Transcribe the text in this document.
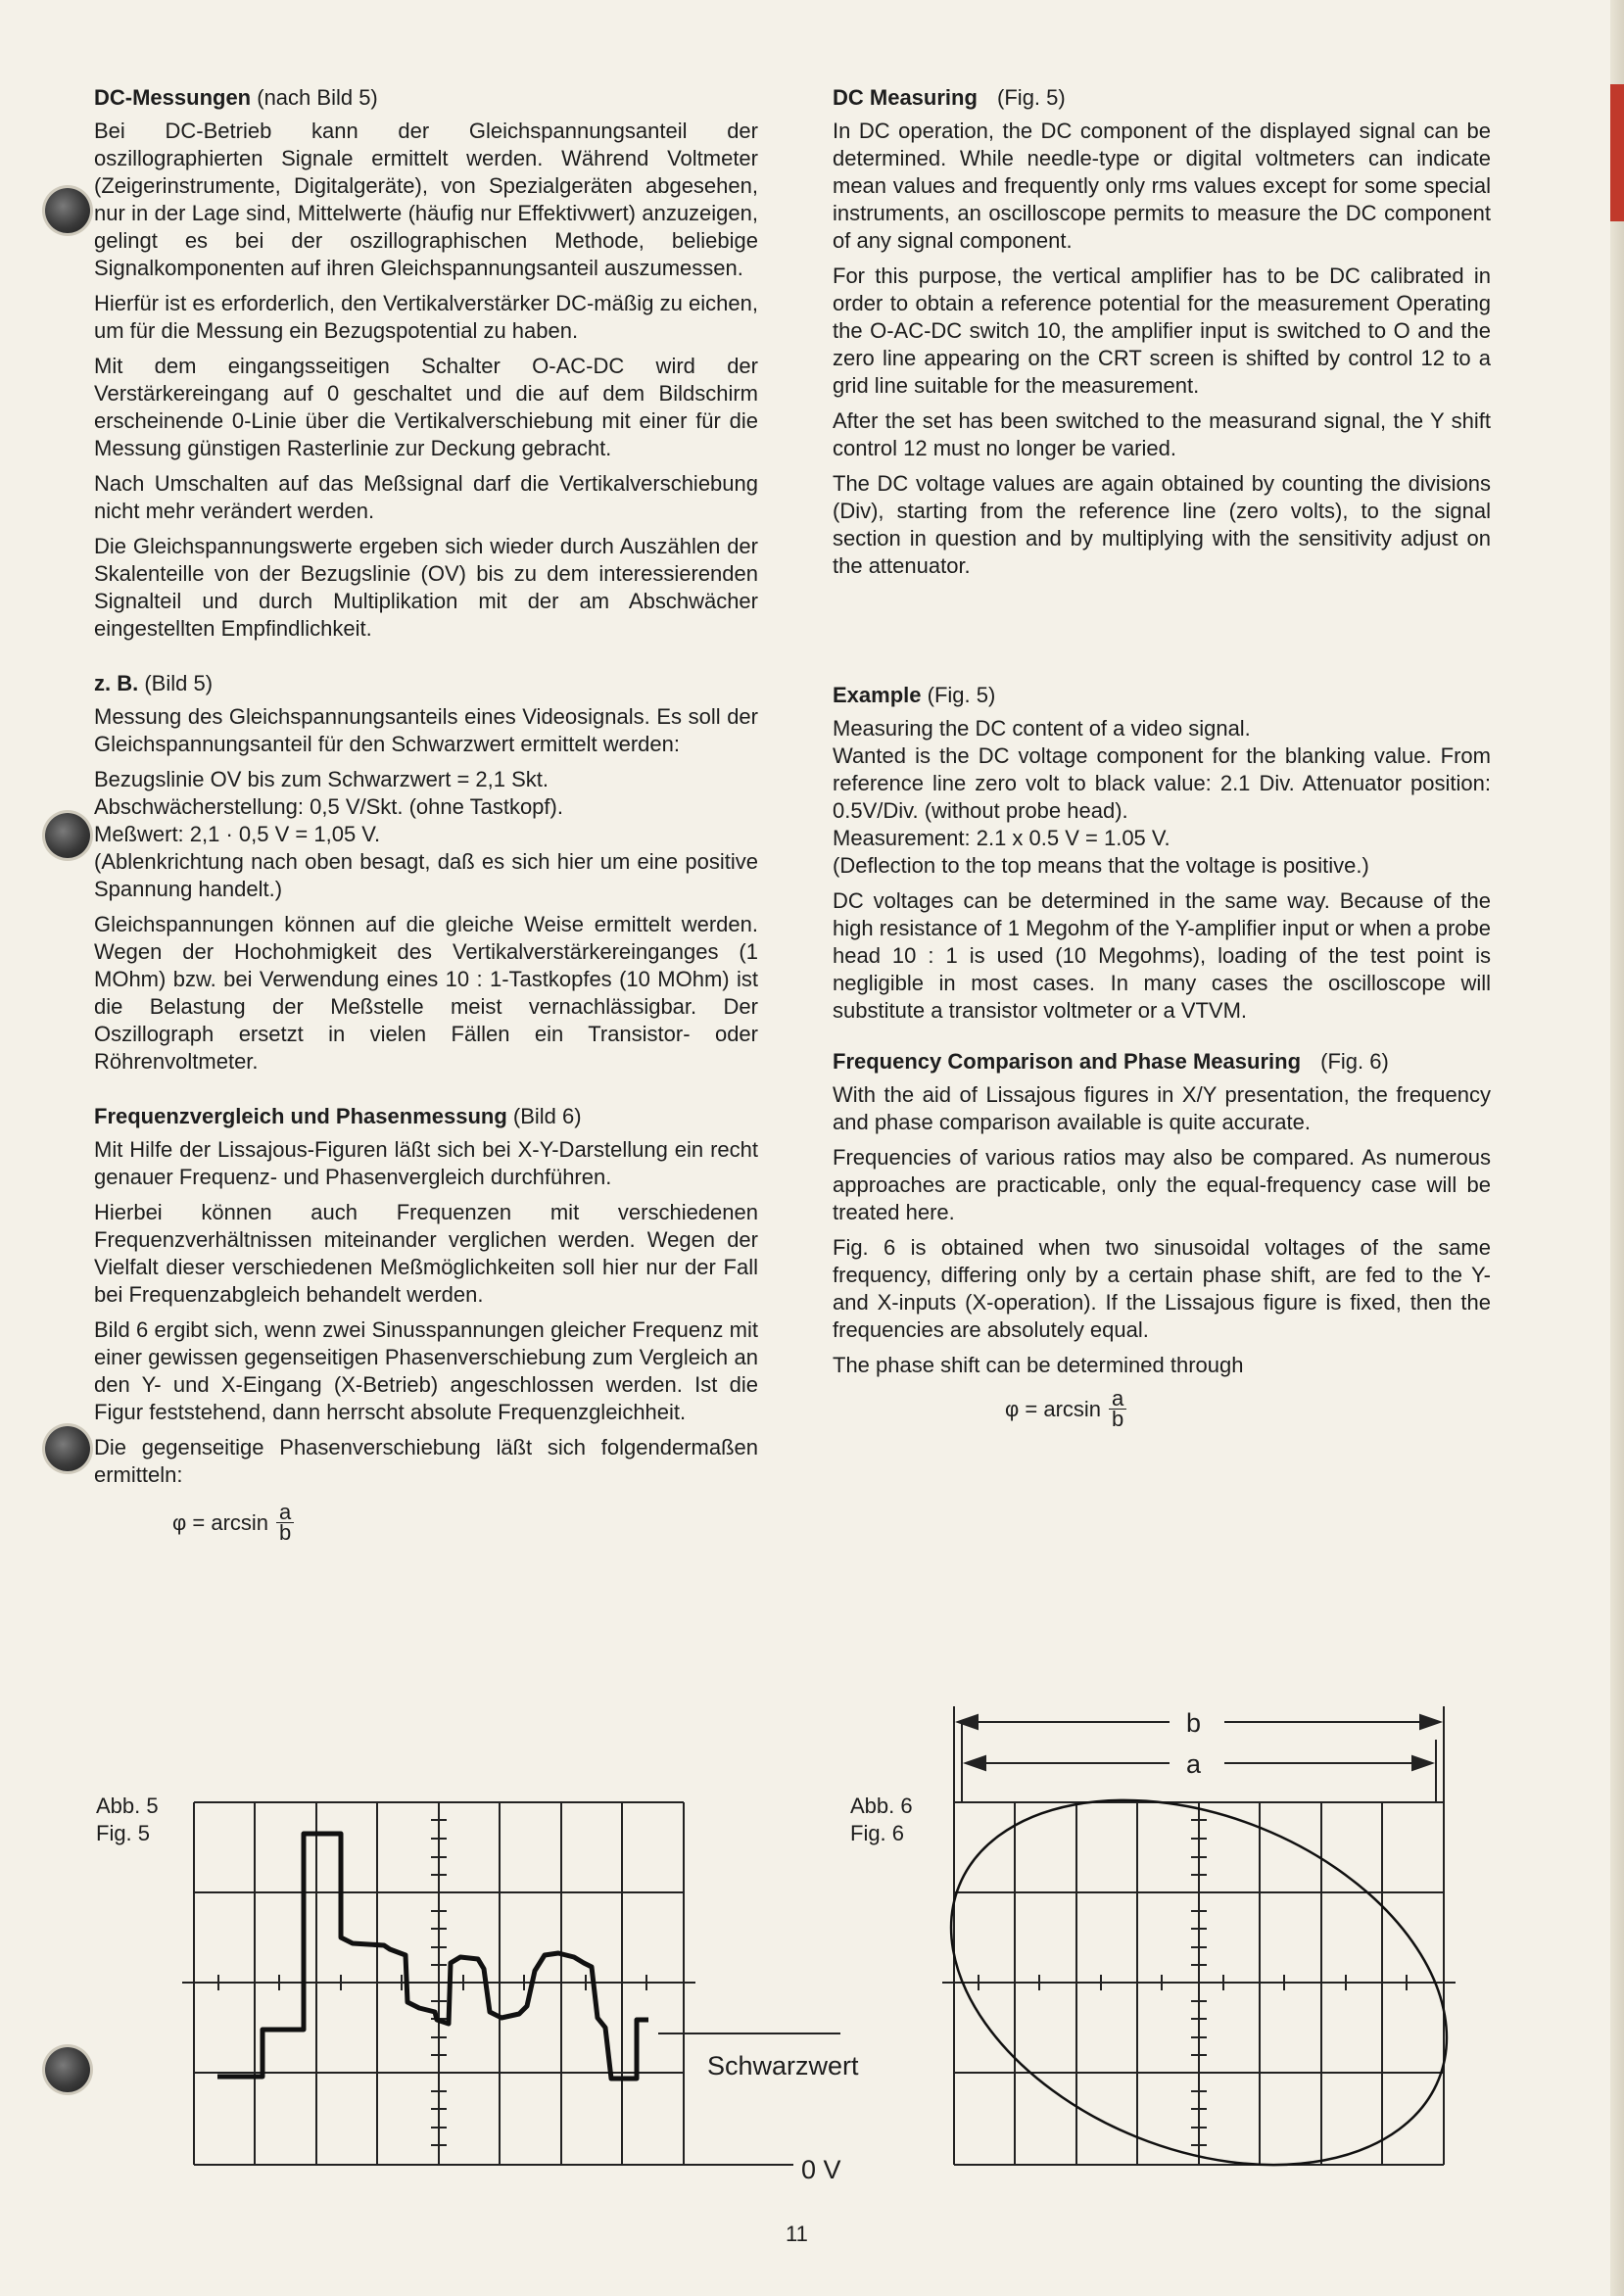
DC-Messungen (nach Bild 5)

Bei DC-Betrieb kann der Gleichspannungsanteil der oszillographierten Signale ermittelt werden. Während Voltmeter (Zeigerinstrumente, Digitalgeräte), von Spezialgeräten abgesehen, nur in der Lage sind, Mittelwerte (häufig nur Effektivwert) anzuzeigen, gelingt es bei der oszillographischen Methode, beliebige Signalkomponenten auf ihren Gleichspannungsanteil auszumessen.

Hierfür ist es erforderlich, den Vertikalverstärker DC-mäßig zu eichen, um für die Messung ein Bezugspotential zu haben.

Mit dem eingangsseitigen Schalter O-AC-DC wird der Verstärkereingang auf 0 geschaltet und die auf dem Bildschirm erscheinende 0-Linie über die Vertikalverschiebung mit einer für die Messung günstigen Rasterlinie zur Deckung gebracht.

Nach Umschalten auf das Meßsignal darf die Vertikalverschiebung nicht mehr verändert werden.

Die Gleichspannungswerte ergeben sich wieder durch Auszählen der Skalenteille von der Bezugslinie (OV) bis zu dem interessierenden Signalteil und durch Multiplikation mit der am Abschwächer eingestellten Empfindlichkeit.

z. B. (Bild 5)

Messung des Gleichspannungsanteils eines Videosignals. Es soll der Gleichspannungsanteil für den Schwarzwert ermittelt werden:

Bezugslinie OV bis zum Schwarzwert = 2,1 Skt.

Abschwächerstellung: 0,5 V/Skt. (ohne Tastkopf).

Meßwert: 2,1 · 0,5 V = 1,05 V.

(Ablenkrichtung nach oben besagt, daß es sich hier um eine positive Spannung handelt.)

Gleichspannungen können auf die gleiche Weise ermittelt werden. Wegen der Hochohmigkeit des Vertikalverstärkereinganges (1 MOhm) bzw. bei Verwendung eines 10 : 1-Tastkopfes (10 MOhm) ist die Belastung der Meßstelle meist vernachlässigbar. Der Oszillograph ersetzt in vielen Fällen ein Transistor- oder Röhrenvoltmeter.

Frequenzvergleich und Phasenmessung (Bild 6)

Mit Hilfe der Lissajous-Figuren läßt sich bei X-Y-Darstellung ein recht genauer Frequenz- und Phasenvergleich durchführen.

Hierbei können auch Frequenzen mit verschiedenen Frequenzverhältnissen miteinander verglichen werden. Wegen der Vielfalt dieser verschiedenen Meßmöglichkeiten soll hier nur der Fall bei Frequenzabgleich behandelt werden.

Bild 6 ergibt sich, wenn zwei Sinusspannungen gleicher Frequenz mit einer gewissen gegenseitigen Phasenverschiebung zum Vergleich an den Y- und X-Eingang (X-Betrieb) angeschlossen werden. Ist die Figur feststehend, dann herrscht absolute Frequenzgleichheit.

Die gegenseitige Phasenverschiebung läßt sich folgendermaßen ermitteln:

$\varphi = \arcsin \frac{a}{b}$

DC Measuring (Fig. 5)

In DC operation, the DC component of the displayed signal can be determined. While needle-type or digital voltmeters can indicate mean values and frequently only rms values except for some special instruments, an oscilloscope permits to measure the DC component of any signal component.

For this purpose, the vertical amplifier has to be DC calibrated in order to obtain a reference potential for the measurement Operating the O-AC-DC switch 10, the amplifier input is switched to O and the zero line appearing on the CRT screen is shifted by control 12 to a grid line suitable for the measurement.

After the set has been switched to the measurand signal, the Y shift control 12 must no longer be varied.

The DC voltage values are again obtained by counting the divisions (Div), starting from the reference line (zero volts), to the signal section in question and by multiplying with the sensitivity adjust on the attenuator.

Example (Fig. 5)

Measuring the DC content of a video signal.

Wanted is the DC voltage component for the blanking value. From reference line zero volt to black value: 2.1 Div. Attenuator position: 0.5V/Div. (without probe head).

Measurement: 2.1 x 0.5 V = 1.05 V.

(Deflection to the top means that the voltage is positive.)

DC voltages can be determined in the same way. Because of the high resistance of 1 Megohm of the Y-amplifier input or when a probe head 10 : 1 is used (10 Megohms), loading of the test point is negligible in most cases. In many cases the oscilloscope will substitute a transistor voltmeter or a VTVM.

Frequency Comparison and Phase Measuring (Fig. 6)

With the aid of Lissajous figures in X/Y presentation, the frequency and phase comparison available is quite accurate.

Frequencies of various ratios may also be compared. As numerous approaches are practicable, only the equal-frequency case will be treated here.

Fig. 6 is obtained when two sinusoidal voltages of the same frequency, differing only by a certain phase shift, are fed to the Y- and X-inputs (X-operation). If the Lissajous figure is fixed, then the frequencies are absolutely equal.

The phase shift can be determined through

$\varphi = \arcsin \frac{a}{b}$
Abb. 5
Fig. 5
Schwarzwert
0 V
b
a
Abb. 6
Fig. 6
11
